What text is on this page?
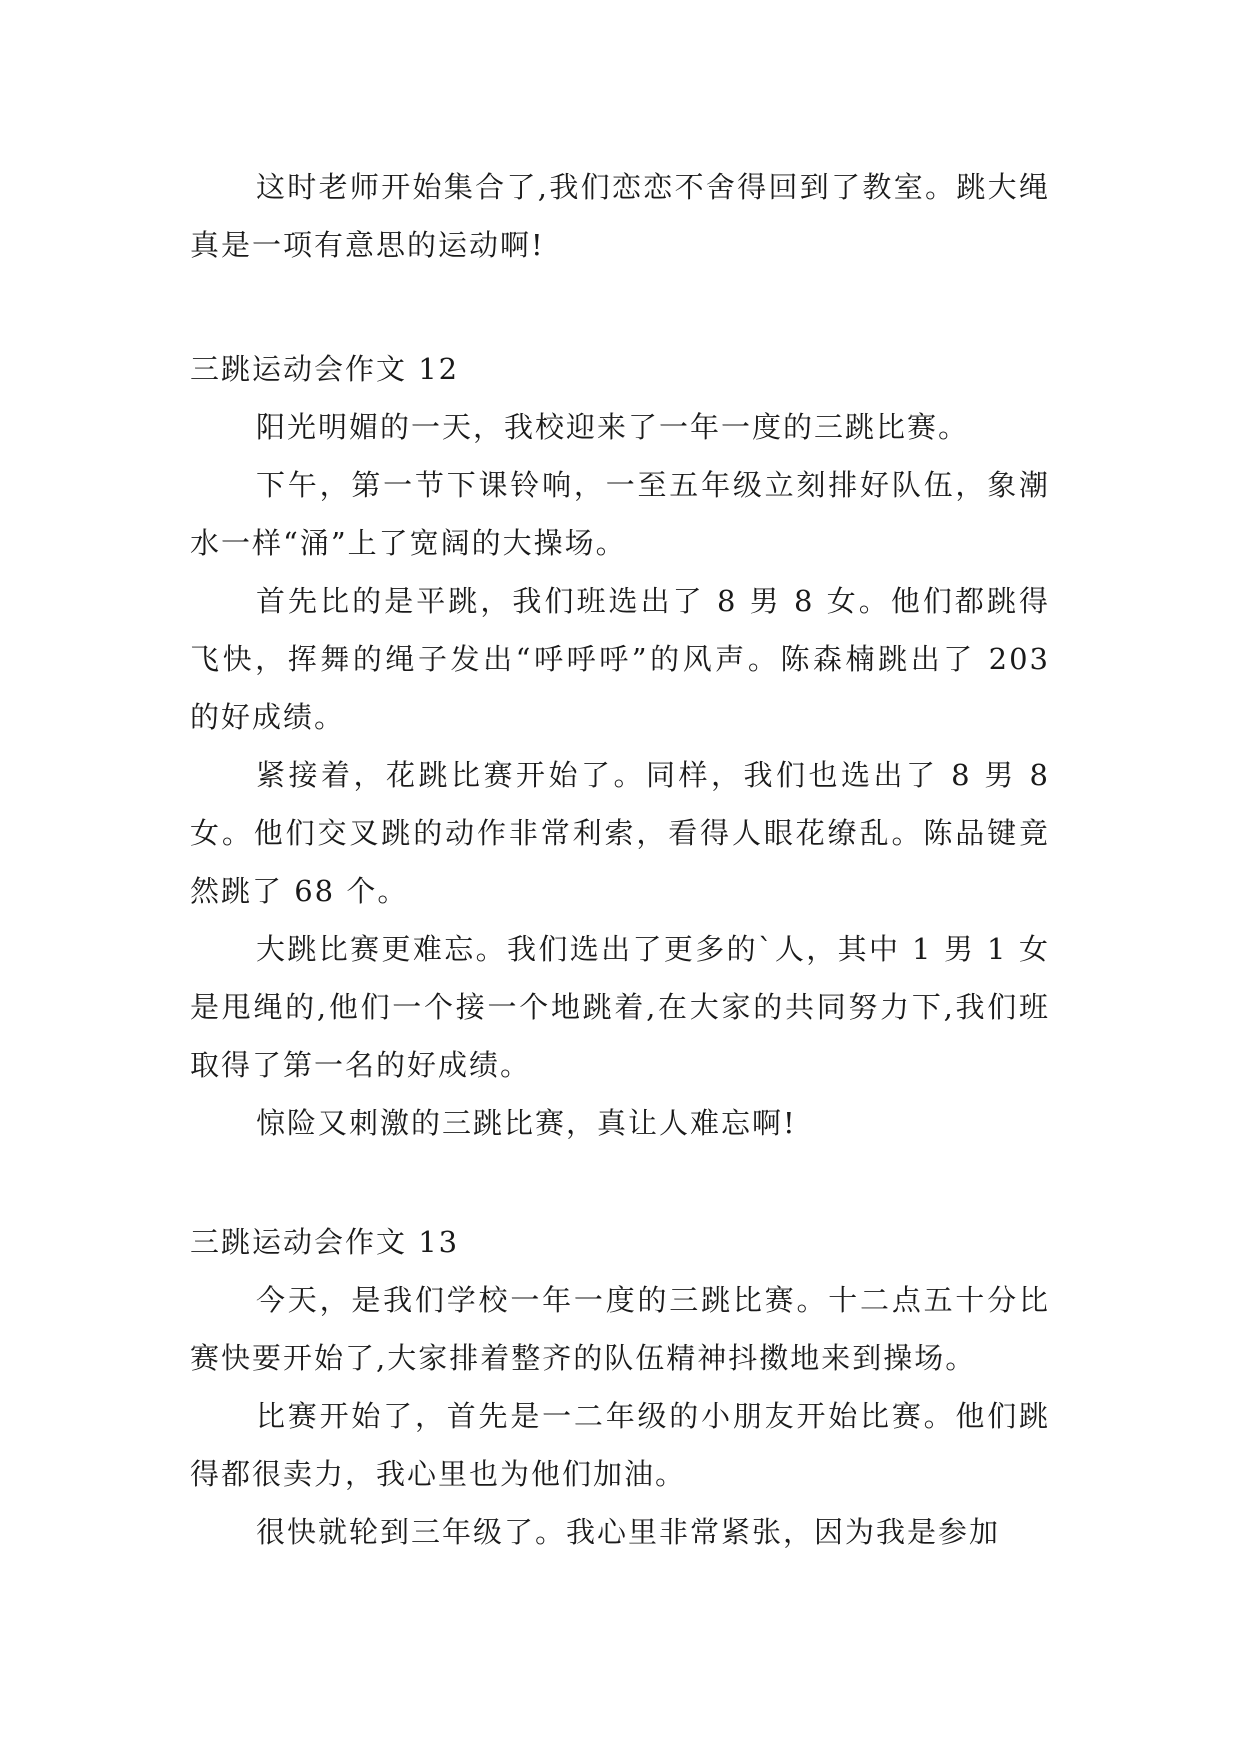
这时老师开始集合了,我们恋恋不舍得回到了教室。跳大绳真是一项有意思的运动啊!

三跳运动会作文 12

阳光明媚的一天，我校迎来了一年一度的三跳比赛。

下午，第一节下课铃响，一至五年级立刻排好队伍，象潮水一样“涌”上了宽阔的大操场。

首先比的是平跳，我们班选出了 8 男 8 女。他们都跳得飞快，挥舞的绳子发出“呼呼呼”的风声。陈森楠跳出了 203 的好成绩。

紧接着，花跳比赛开始了。同样，我们也选出了 8 男 8 女。他们交叉跳的动作非常利索，看得人眼花缭乱。陈品键竟然跳了 68 个。

大跳比赛更难忘。我们选出了更多的`人，其中 1 男 1 女是甩绳的,他们一个接一个地跳着,在大家的共同努力下,我们班取得了第一名的好成绩。

惊险又刺激的三跳比赛，真让人难忘啊!

三跳运动会作文 13

今天，是我们学校一年一度的三跳比赛。十二点五十分比赛快要开始了,大家排着整齐的队伍精神抖擞地来到操场。

比赛开始了，首先是一二年级的小朋友开始比赛。他们跳得都很卖力，我心里也为他们加油。

很快就轮到三年级了。我心里非常紧张，因为我是参加
